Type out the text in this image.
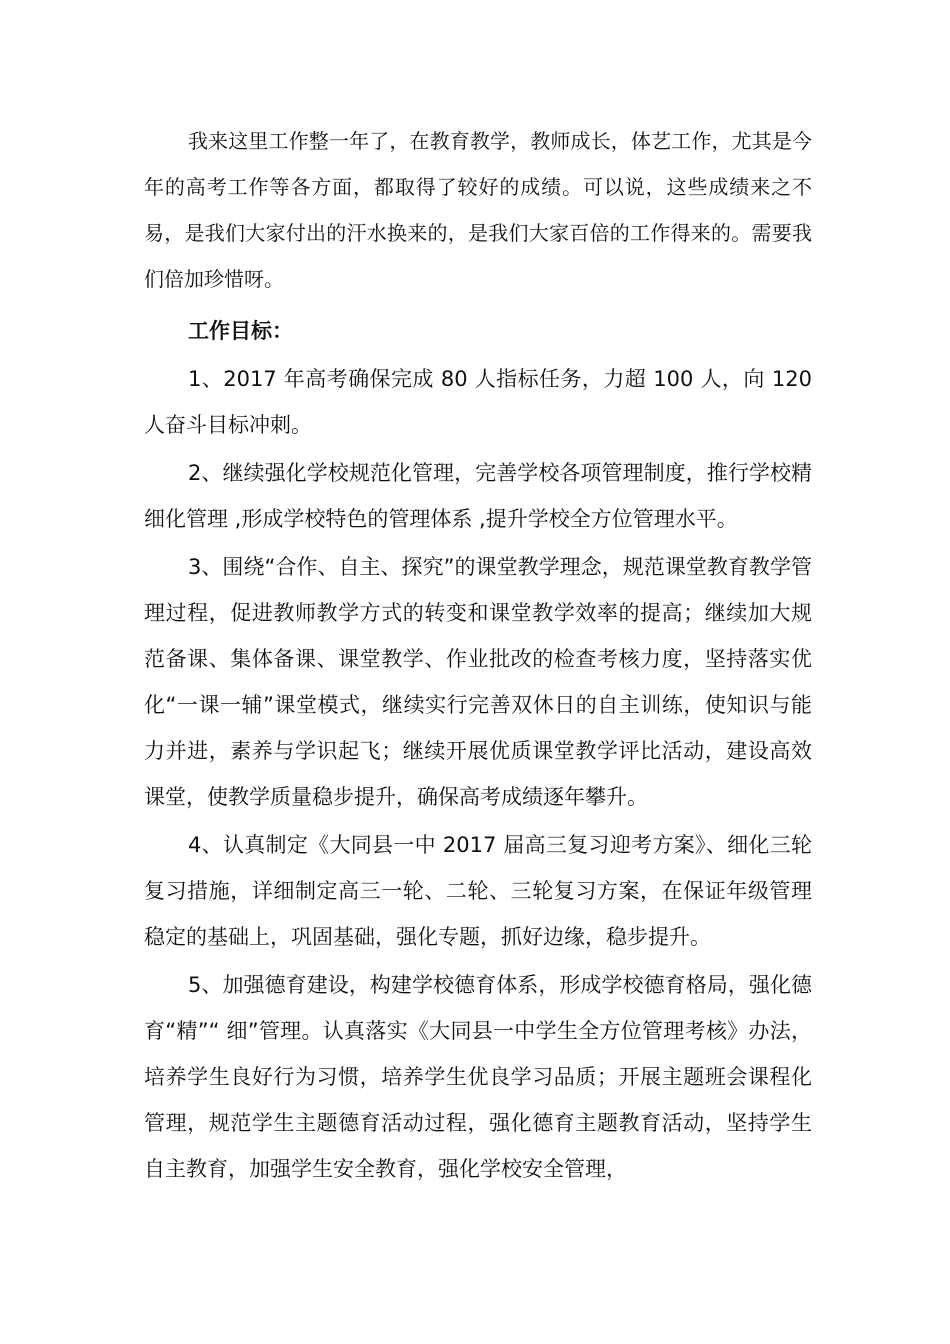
我来这里工作整一年了，在教育教学，教师成长，体艺工作，尤其是今年的高考工作等各方面，都取得了较好的成绩。可以说，这些成绩来之不易，是我们大家付出的汗水换来的，是我们大家百倍的工作得来的。需要我们倍加珍惜呀。

工作目标：

1、2017 年高考确保完成 80 人指标任务，力超 100 人，向 120 人奋斗目标冲刺。

2、继续强化学校规范化管理，完善学校各项管理制度，推行学校精细化管理 ,形成学校特色的管理体系 ,提升学校全方位管理水平。

3、围绕“合作、自主、探究”的课堂教学理念，规范课堂教育教学管理过程，促进教师教学方式的转变和课堂教学效率的提高；继续加大规范备课、集体备课、课堂教学、作业批改的检查考核力度，坚持落实优化“一课一辅”课堂模式，继续实行完善双休日的自主训练，使知识与能力并进，素养与学识起飞；继续开展优质课堂教学评比活动，建设高效课堂，使教学质量稳步提升，确保高考成绩逐年攀升。

4、认真制定《大同县一中 2017 届高三复习迎考方案》、细化三轮复习措施，详细制定高三一轮、二轮、三轮复习方案，在保证年级管理稳定的基础上，巩固基础，强化专题，抓好边缘，稳步提升。

5、加强德育建设，构建学校德育体系，形成学校德育格局，强化德育“精”“ 细”管理。认真落实《大同县一中学生全方位管理考核》办法，培养学生良好行为习惯，培养学生优良学习品质；开展主题班会课程化管理，规范学生主题德育活动过程，强化德育主题教育活动，坚持学生自主教育，加强学生安全教育，强化学校安全管理，
